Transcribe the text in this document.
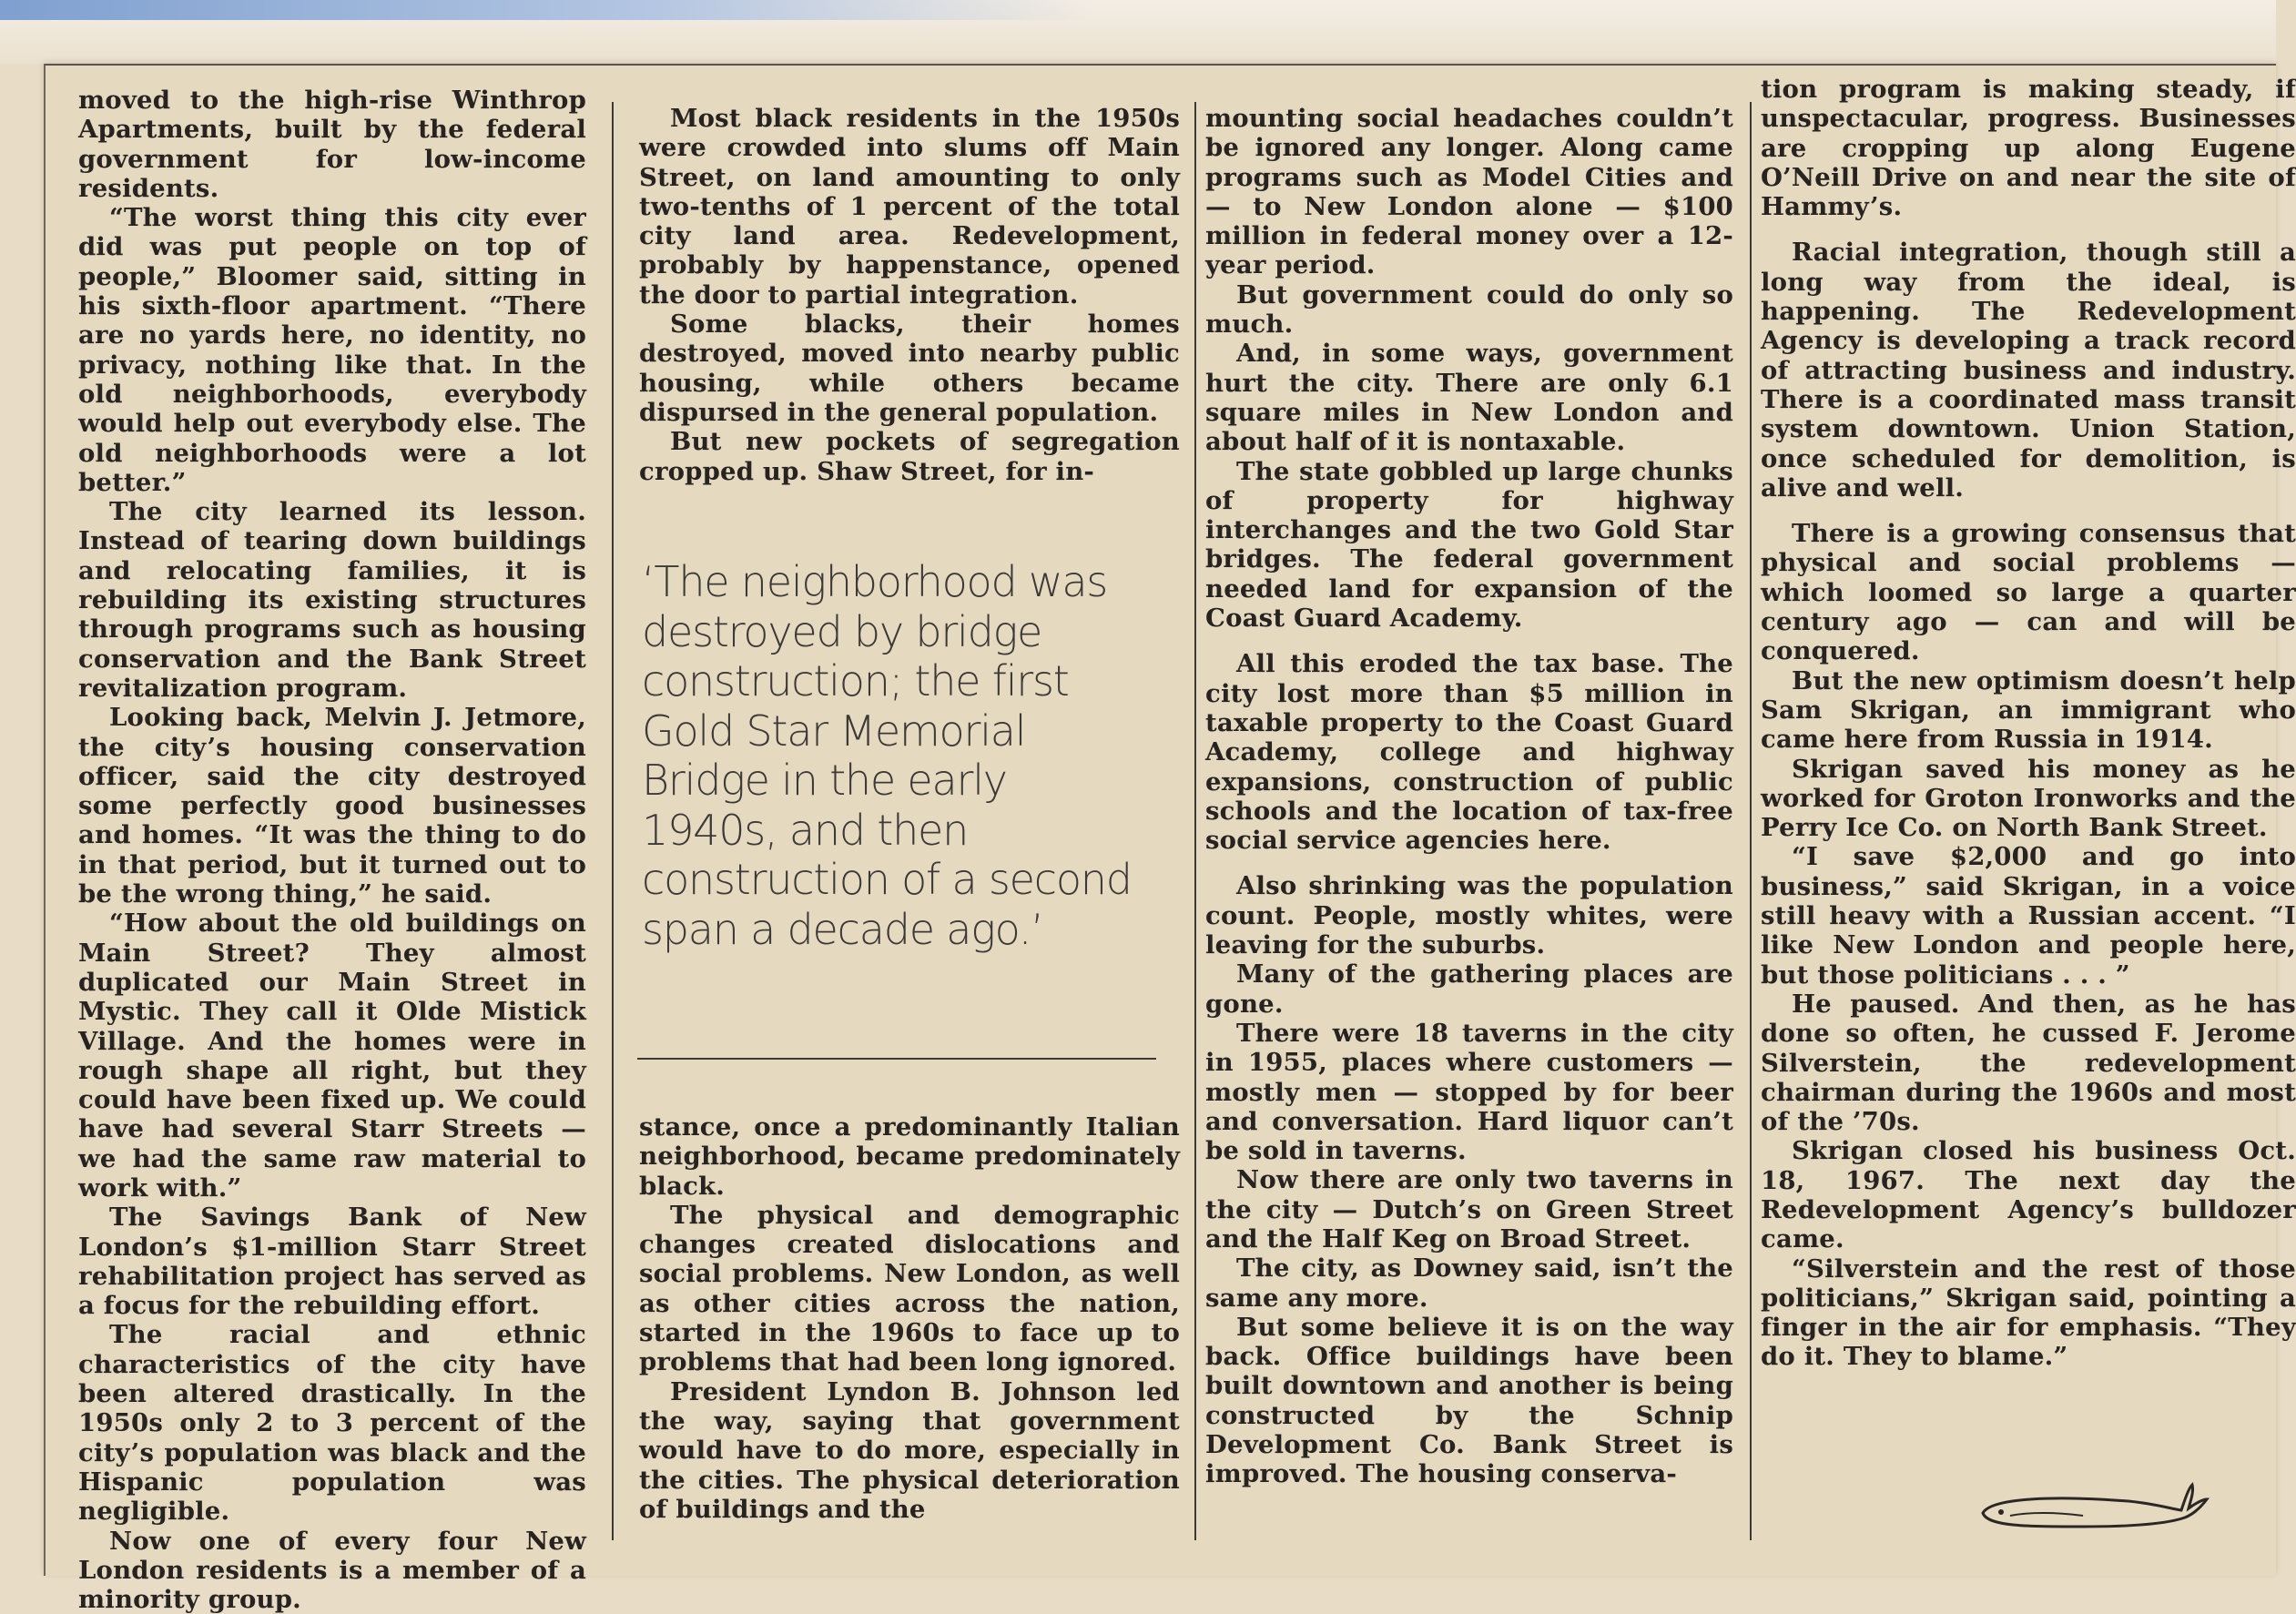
moved to the high-rise Winthrop Apartments, built by the federal government for low-income residents.

“The worst thing this city ever did was put people on top of people,” Bloomer said, sitting in his sixth-floor apartment. “There are no yards here, no identity, no privacy, nothing like that. In the old neighborhoods, everybody would help out everybody else. The old neighborhoods were a lot better.”

The city learned its lesson. Instead of tearing down buildings and relocating families, it is rebuilding its existing structures through programs such as housing conservation and the Bank Street revitalization program.

Looking back, Melvin J. Jetmore, the city’s housing conservation officer, said the city destroyed some perfectly good businesses and homes. “It was the thing to do in that period, but it turned out to be the wrong thing,” he said.

“How about the old buildings on Main Street? They almost duplicated our Main Street in Mystic. They call it Olde Mistick Village. And the homes were in rough shape all right, but they could have been fixed up. We could have had several Starr Streets — we had the same raw material to work with.”

The Savings Bank of New London’s $1-million Starr Street rehabilitation project has served as a focus for the rebuilding effort.

The racial and ethnic characteristics of the city have been altered drastically. In the 1950s only 2 to 3 percent of the city’s population was black and the Hispanic population was negligible.

Now one of every four New London residents is a member of a minority group.

Most black residents in the 1950s were crowded into slums off Main Street, on land amounting to only two-tenths of 1 percent of the total city land area. Redevelopment, probably by happenstance, opened the door to partial integration.

Some blacks, their homes destroyed, moved into nearby public housing, while others became dispursed in the general population.

But new pockets of segregation cropped up. Shaw Street, for in-

‘The neighborhood was destroyed by bridge construction; the first Gold Star Memorial Bridge in the early 1940s, and then construction of a second span a decade ago.’

stance, once a predominantly Italian neighborhood, became predominately black.

The physical and demographic changes created dislocations and social problems. New London, as well as other cities across the nation, started in the 1960s to face up to problems that had been long ignored.

President Lyndon B. Johnson led the way, saying that government would have to do more, especially in the cities. The physical deterioration of buildings and the

mounting social headaches couldn’t be ignored any longer. Along came programs such as Model Cities and — to New London alone — $100 million in federal money over a 12-year period.

But government could do only so much.

And, in some ways, government hurt the city. There are only 6.1 square miles in New London and about half of it is nontaxable.

The state gobbled up large chunks of property for highway interchanges and the two Gold Star bridges. The federal government needed land for expansion of the Coast Guard Academy.

All this eroded the tax base. The city lost more than $5 million in taxable property to the Coast Guard Academy, college and highway expansions, construction of public schools and the location of tax-free social service agencies here.

Also shrinking was the population count. People, mostly whites, were leaving for the suburbs.

Many of the gathering places are gone.

There were 18 taverns in the city in 1955, places where customers — mostly men — stopped by for beer and conversation. Hard liquor can’t be sold in taverns.

Now there are only two taverns in the city — Dutch’s on Green Street and the Half Keg on Broad Street.

The city, as Downey said, isn’t the same any more.

But some believe it is on the way back. Office buildings have been built downtown and another is being constructed by the Schnip Development Co. Bank Street is improved. The housing conserva-

tion program is making steady, if unspectacular, progress. Businesses are cropping up along Eugene O’Neill Drive on and near the site of Hammy’s.

Racial integration, though still a long way from the ideal, is happening. The Redevelopment Agency is developing a track record of attracting business and industry. There is a coordinated mass transit system downtown. Union Station, once scheduled for demolition, is alive and well.

There is a growing consensus that physical and social problems — which loomed so large a quarter century ago — can and will be conquered.

But the new optimism doesn’t help Sam Skrigan, an immigrant who came here from Russia in 1914.

Skrigan saved his money as he worked for Groton Ironworks and the Perry Ice Co. on North Bank Street.

“I save $2,000 and go into business,” said Skrigan, in a voice still heavy with a Russian accent. “I like New London and people here, but those politicians . . . ”

He paused. And then, as he has done so often, he cussed F. Jerome Silverstein, the redevelopment chairman during the 1960s and most of the ’70s.

Skrigan closed his business Oct. 18, 1967. The next day the Redevelopment Agency’s bulldozer came.

“Silverstein and the rest of those politicians,” Skrigan said, pointing a finger in the air for emphasis. “They do it. They to blame.”
